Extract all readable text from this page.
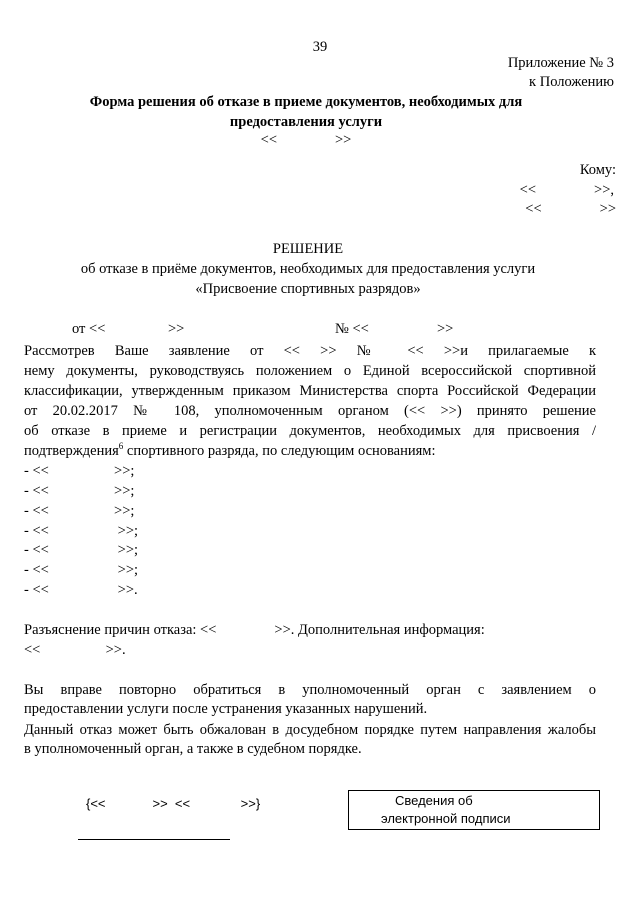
39
Приложение № 3
к Положению
Форма решения об отказе в приеме документов, необходимых для
предоставления услуги
<<                >>
Кому:
<<                >>,
<<                >>
РЕШЕНИЕ
об отказе в приёме документов, необходимых для предоставления услуги
«Присвоение спортивных разрядов»
от <<	>>	№ <<	>>
Рассмотрев Ваше заявление от << >> № << >>и прилагаемые к
нему документы, руководствуясь положением о Единой всероссийской спортивной
классификации, утвержденным приказом Министерства спорта Российской Федерации
от 20.02.2017 № 108, уполномоченным органом (<< >>) принято решение
об отказе в приеме и регистрации документов, необходимых для присвоения /
подтверждения$^6$ спортивного разряда, по следующим основаниям:
- <<                  >>;
- <<                  >>;
- <<                  >>;
- <<                   >>;
- <<                   >>;
- <<                   >>;
- <<                   >>.
Разъяснение причин отказа: <<                >>. Дополнительная информация:
<<                  >>.
Вы вправе повторно обратиться в уполномоченный орган с заявлением о
предоставлении услуги после устранения указанных нарушений.
Данный отказ может быть обжалован в досудебном порядке путем направления жалобы
в уполномоченный орган, а также в судебном порядке.
{<<             >>  <<              >>}	Сведения об
электронной подписи
